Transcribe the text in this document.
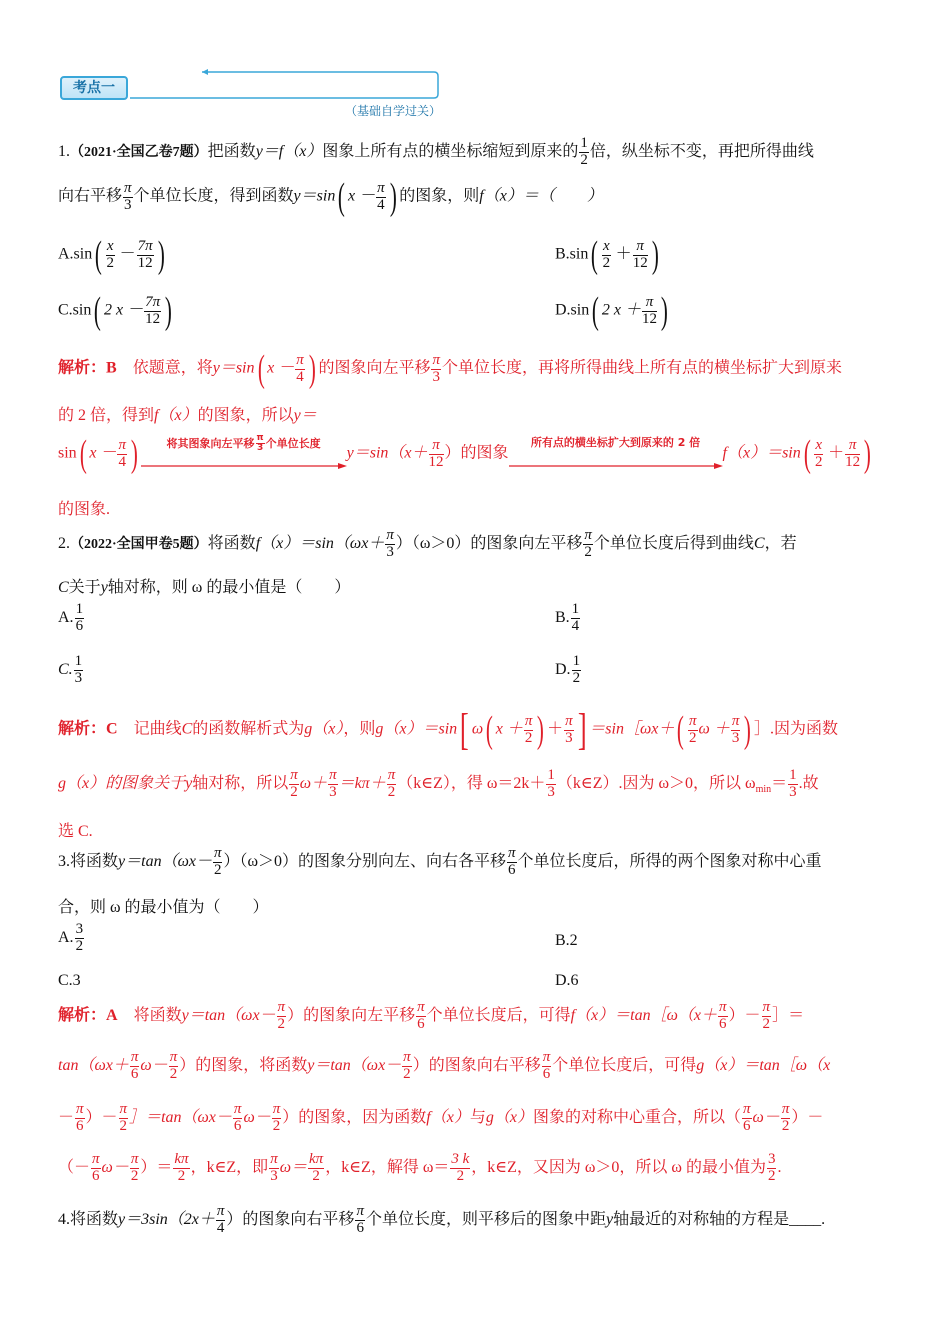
考点一
（基础自学过关）
1.（2021·全国乙卷7题）把函数y＝f（x）图象上所有点的横坐标缩短到原来的 $\frac{1}{2}$ 倍，纵坐标不变，再把所得曲线
向右平移 $\frac{\pi}{3}$ 个单位长度，得到函数y＝sin( $x - \frac{\pi}{4}$ ) 的图象，则f（x）＝（　　）
$A.\sin( \frac{x}{2} - \frac{7\pi}{12}$ )	$B.\sin( \frac{x}{2} + \frac{\pi}{12}$ )
C.sin( 2 $x - \frac{7\pi}{12}$ )	D.sin( 2 $x + \frac{\pi}{12}$ )
解析：B　 依题意，将y＝sin( $x - \frac{\pi}{4}$ ) 的图象向左平移 $\frac{\pi}{3}$ 个单位长度，再将所得曲线上所有点的横坐标扩大到原来
的 2 倍，得到f（x）的图象，所以y＝
sin( $x - \frac{\pi}{4}$ )	将其图象向左平移 $\frac{\pi}{3}$ 个单位长度
$y=\sin(x+ \frac{\pi}{12}$ ）的图象
所有点的横坐标扩大到原来的 2 倍
$f(x)=\sin( \frac{x}{2} + \frac{\pi}{12}$ )
的图象.
2.（2022·全国甲卷5题）将函数$f(x)=\sin(\omega x+ \frac{\pi}{3} )(\omega>0)$的图象向左平移 $\frac{\pi}{2}$ 个单位长度后得到曲线C，若
C关于y轴对称，则 ω 的最小值是（　　）
A. $\frac{1}{6}$	B. $\frac{1}{4}$
C. $\frac{1}{3}$	D. $\frac{1}{2}$
解析：C　 记曲线C的函数解析式为g（x），则g（x）＝sin[ ω( $x + \frac{\pi}{2}$ ) ＋ $\frac{\pi}{3}$ ] ＝sin［ωx＋( $\frac{\pi}{2}$ $\omega + \frac{\pi}{3}$ ) ］.因为函数
g（x）的图象关于y轴对称，所以 $\frac{\pi}{2} \omega+ \frac{\pi}{3} =k\pi+ \frac{\pi}{2}$ （k∈Z），得 $\omega=2k+ \frac{1}{3}$ （k∈Z）.因为 ω＞0，所以 $\omega_{min}= \frac{1}{3}$ .故
选 C.
3.将函数$y=\tan(\omega x- \frac{\pi}{2} )(\omega>0)$的图象分别向左、向右各平移 $\frac{\pi}{6}$ 个单位长度后，所得的两个图象对称中心重
合，则 ω 的最小值为（　　）
A. $\frac{3}{2}$	B.2
C.3	D.6
解析：A　 将函数$y=\tan(\omega x- \frac{\pi}{2}$ ）的图象向左平移 $\frac{\pi}{6}$ 个单位长度后，可得f（x）＝tan［ω（x＋ $\frac{\pi}{6}$ ）－ $\frac{\pi}{2}$ ］＝
$\tan(\omega x+ \frac{\pi}{6} \omega- \frac{\pi}{2}$ ）的图象，将函数$y=\tan(\omega x- \frac{\pi}{2}$ ）的图象向右平移 $\frac{\pi}{6}$ 个单位长度后，可得g（x）＝tan［ω（x
－ $\frac{\pi}{6}$ ）－ $\frac{\pi}{2}$ ］＝tan（ωx－ $\frac{\pi}{6} \omega- \frac{\pi}{2}$ ）的图象，因为函数f（x）与g（x）图象的对称中心重合，所以（ $\frac{\pi}{6} \omega- \frac{\pi}{2}$ ）－
（－ $\frac{\pi}{6} \omega- \frac{\pi}{2}$ ）＝ $\frac{k\pi}{2}$ ，k∈Z，即 $\frac{\pi}{3} \omega= \frac{k\pi}{2}$ ，k∈Z，解得 $\omega= \frac{3 k}{2}$ ，k∈Z，又因为 ω＞0，所以 ω 的最小值为 $\frac{3}{2}$ .
4.将函数$y=3\sin(2x+ \frac{\pi}{4}$ ）的图象向右平移 $\frac{\pi}{6}$ 个单位长度，则平移后的图象中距y轴最近的对称轴的方程是____.
